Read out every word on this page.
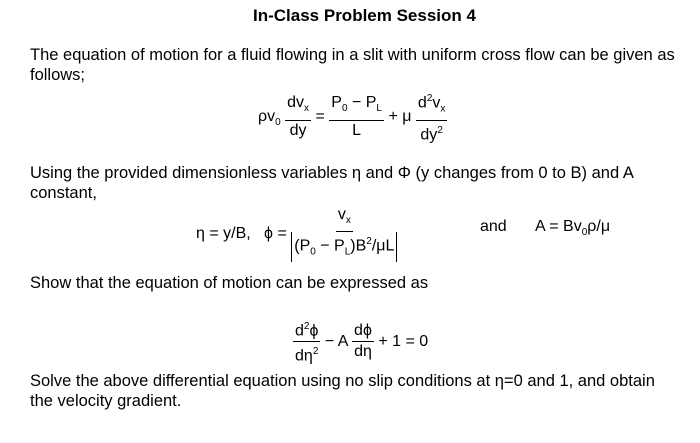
In-Class Problem Session 4
The equation of motion for a fluid flowing in a slit with uniform cross flow can be given as
follows;
$\rho v_0 \frac{dv_x}{dy} = \frac{P_0 - P_L}{L} + \mu \frac{d^2v_x}{dy^2}$
Using the provided dimensionless variables η and Φ (y changes from 0 to B) and A
constant,
η = y/B, $\phi = \frac{v_x}{(P_0 - P_L)B^2/\mu L}$	and $A = Bv_0\rho/\mu$
Show that the equation of motion can be expressed as
$\frac{d^2\phi}{d\eta^2} - A \frac{d\phi}{d\eta} + 1 = 0$
Solve the above differential equation using no slip conditions at η=0 and 1, and obtain
the velocity gradient.
